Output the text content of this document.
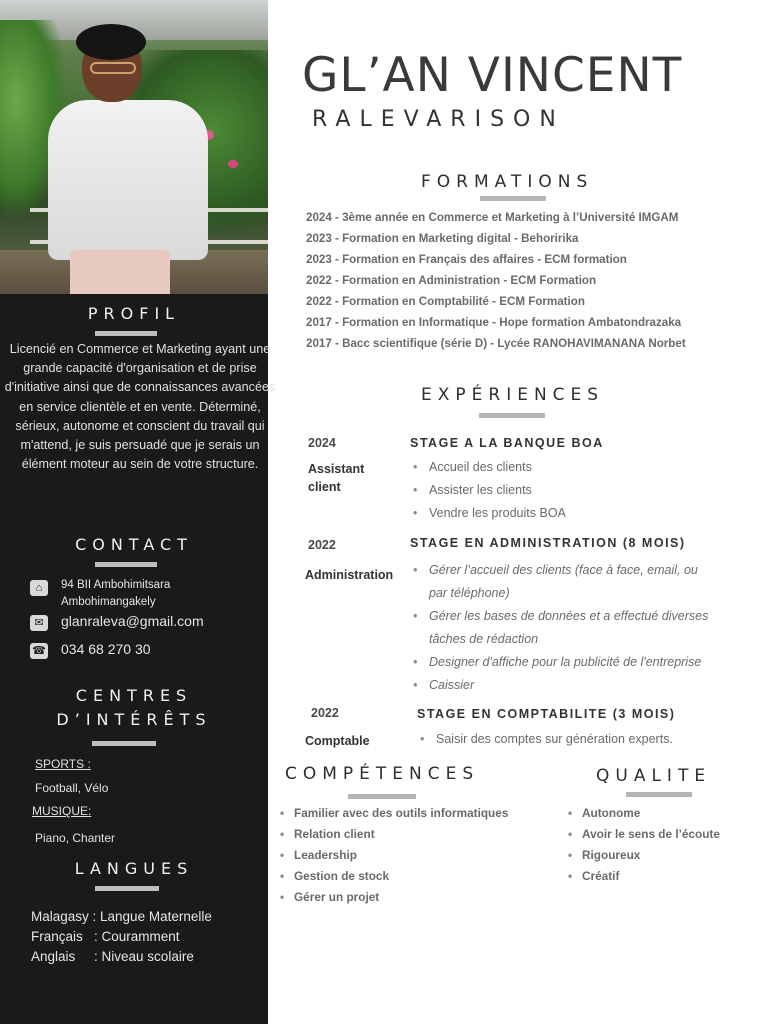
PROFIL
Licencié en Commerce et Marketing ayant une grande capacité d'organisation et de prise d'initiative ainsi que de connaissances avancées en service clientèle et en vente. Déterminé, sérieux, autonome et conscient du travail qui m'attend, je suis persuadé que je serais un élément moteur au sein de votre structure.
CONTACT
⌂	94 BII Ambohimitsara
Ambohimangakely
✉	glanraleva@gmail.com
☎ 034 68 270 30
CENTRES
D’INTÉRÊTS
SPORTS :
Football, Vélo
MUSIQUE:
Piano, Chanter
LANGUES
Malagasy : Langue Maternelle
Français   : Couramment
Anglais     : Niveau scolaire
GL’AN VINCENT
RALEVARISON
FORMATIONS
2024 - 3ème année en Commerce et Marketing à l’Université IMGAM
2023 - Formation en Marketing digital - Behoririka
2023 - Formation en Français des affaires - ECM formation
2022 - Formation en Administration - ECM Formation
2022 - Formation en Comptabilité - ECM Formation
2017 - Formation en Informatique - Hope formation Ambatondrazaka
2017 - Bacc scientifique (série D) - Lycée RANOHAVIMANANA Norbet
EXPÉRIENCES
2024	STAGE A LA BANQUE BOA
Assistant
client
• Accueil des clients
• Assister les clients
• Vendre les produits BOA
2022	STAGE EN ADMINISTRATION (8 MOIS)
Administration	• Gérer l’accueil des clients (face à face, email, ou
par téléphone)
• Gérer les bases de données et a effectué diverses
tâches de rédaction
• Designer d'affiche pour la publicité de l'entreprise
• Caissier
2022	STAGE EN COMPTABILITE (3 MOIS)
Comptable	• Saisir des comptes sur génération experts.
COMPÉTENCES
• Familier avec des outils informatiques
• Relation client
• Leadership
• Gestion de stock
• Gérer un projet
QUALITE
• Autonome
• Avoir le sens de l’écoute
• Rigoureux
• Créatif
